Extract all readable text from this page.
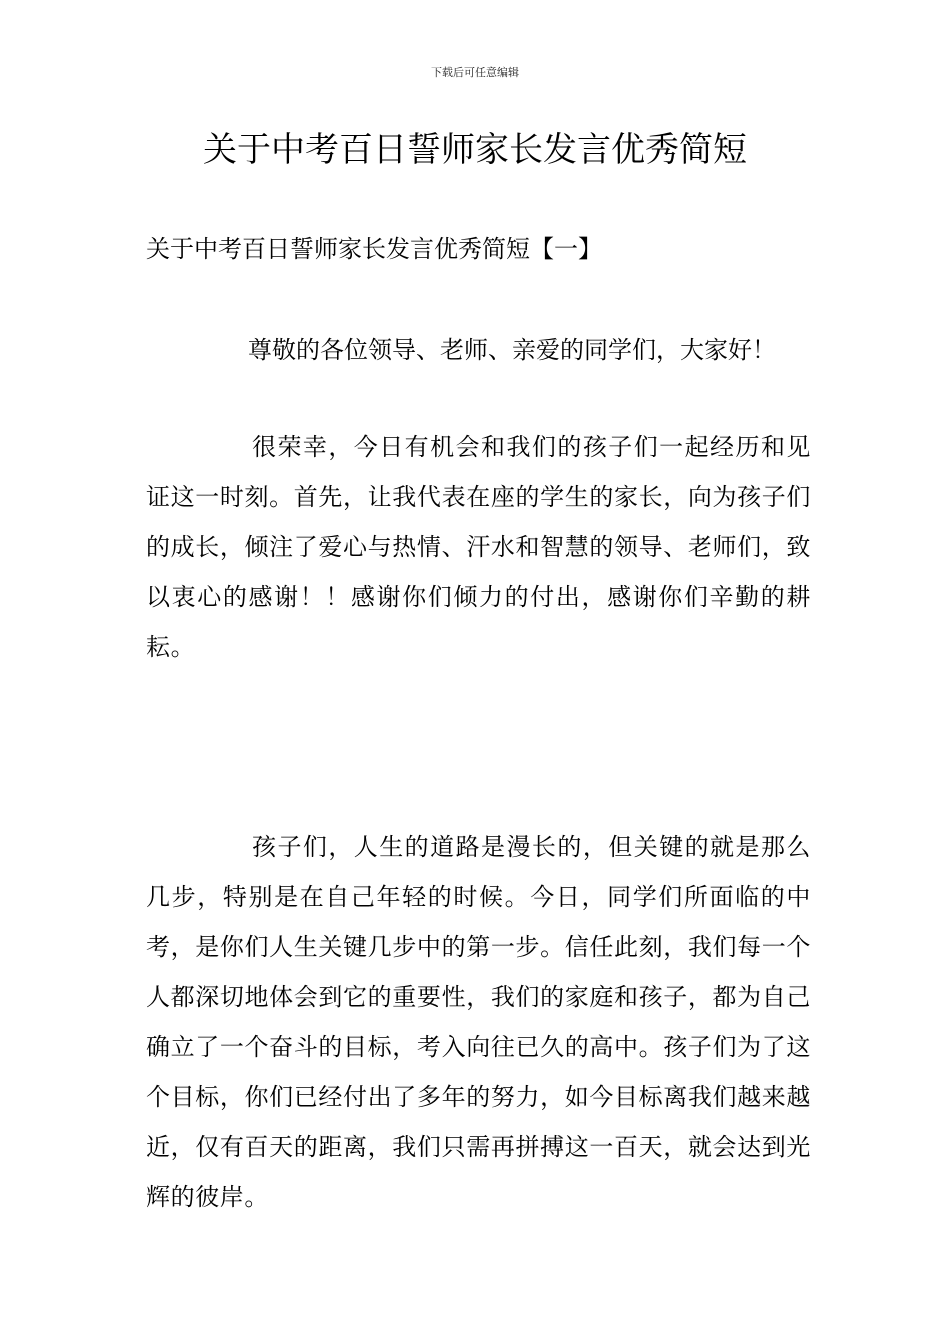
下载后可任意编辑
关于中考百日誓师家长发言优秀简短
关于中考百日誓师家长发言优秀简短【一】
尊敬的各位领导、老师、亲爱的同学们，大家好！

很荣幸，今日有机会和我们的孩子们一起经历和见证这一时刻。首先，让我代表在座的学生的家长，向为孩子们的成长，倾注了爱心与热情、汗水和智慧的领导、老师们，致以衷心的感谢！！感谢你们倾力的付出，感谢你们辛勤的耕耘。

孩子们，人生的道路是漫长的，但关键的就是那么几步，特别是在自己年轻的时候。今日，同学们所面临的中考，是你们人生关键几步中的第一步。信任此刻，我们每一个人都深切地体会到它的重要性，我们的家庭和孩子，都为自己确立了一个奋斗的目标，考入向往已久的高中。孩子们为了这个目标，你们已经付出了多年的努力，如今目标离我们越来越近，仅有百天的距离，我们只需再拼搏这一百天，就会达到光辉的彼岸。
